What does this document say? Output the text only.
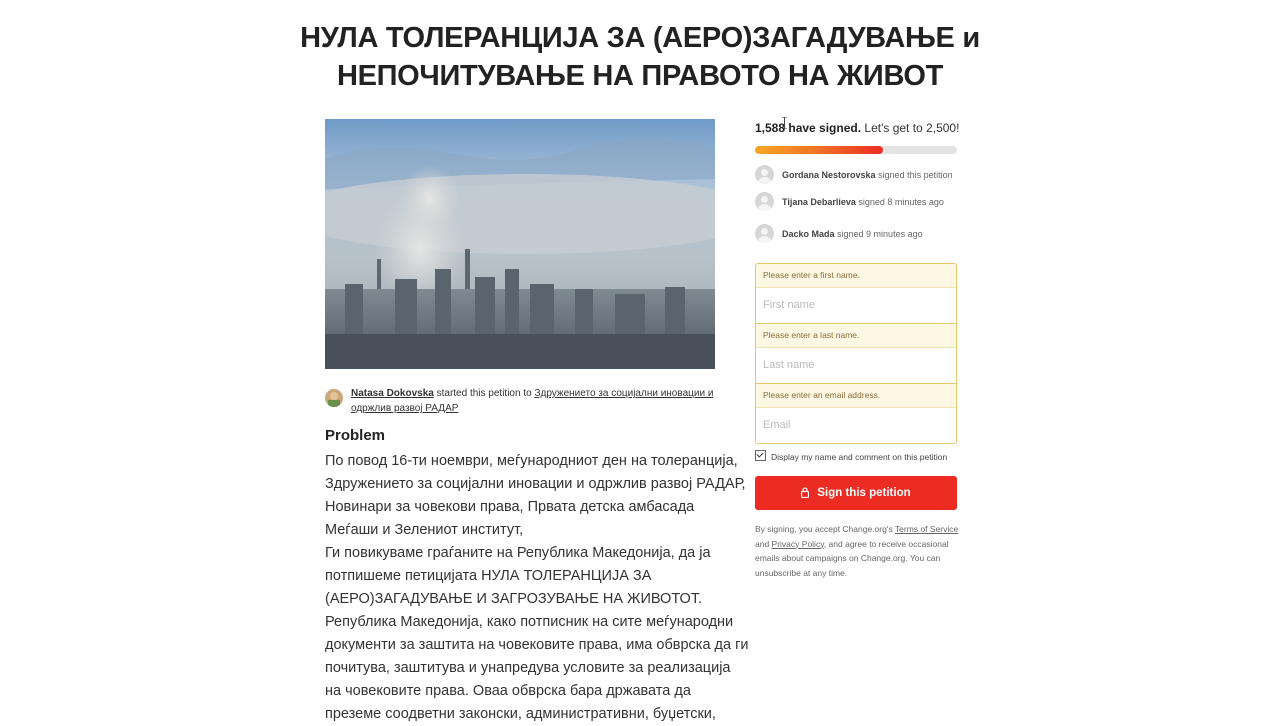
НУЛА ТОЛЕРАНЦИЈА ЗА (АЕРО)ЗАГАДУВАЊЕ и
НЕПОЧИТУВАЊЕ НА ПРАВОТО НА ЖИВОТ
Natasa Dokovska started this petition to Здружението за социјални иновации и
одржлив развој РАДАР
Problem
По повод 16-ти ноември, меѓународниот ден на толеранција,
Здружението за социјални иновации и одржлив развој РАДАР,
Новинари за човекови права, Првата детска амбасада
Меѓаши и Зелениот институт,
Ги повикуваме граѓаните на Република Македонија, да ја
потпишеме петицијата НУЛА ТОЛЕРАНЦИЈА ЗА
(АЕРО)ЗАГАДУВАЊЕ И ЗАГРОЗУВАЊЕ НА ЖИВОТОТ.
Република Македонија, како потписник на сите меѓународни
документи за заштита на човековите права, има обврска да ги
почитува, заштитува и унапредува условите за реализација
на човековите права. Оваа обврска бара државата да
преземе соодветни законски, административни, буџетски,
1,588 have signed. Let's get to 2,500!
Gordana Nestorovska signed this petition
Tijana Debarlieva signed 8 minutes ago
Dacko Mada signed 9 minutes ago
Please enter a first name.
First name
Please enter a last name.
Last name
Please enter an email address.
Email
Display my name and comment on this petition
Sign this petition
By signing, you accept Change.org's Terms of Service and Privacy Policy, and agree to receive occasional emails about campaigns on Change.org. You can unsubscribe at any time.
